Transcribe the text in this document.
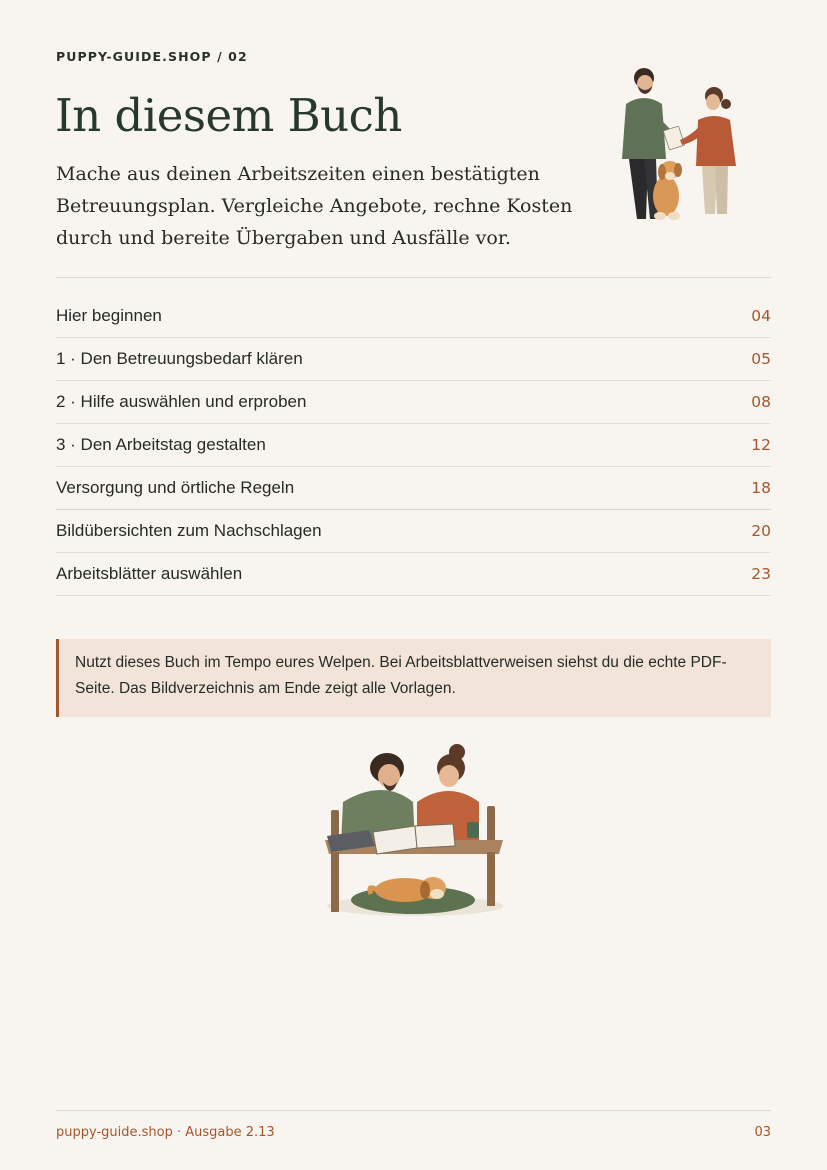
PUPPY-GUIDE.SHOP / 02
In diesem Buch

Mache aus deinen Arbeitszeiten einen bestätigten Betreuungsplan. Vergleiche Angebote, rechne Kosten durch und bereite Übergaben und Ausfälle vor.

Hier beginnen	04
1 · Den Betreuungsbedarf klären	05
2 · Hilfe auswählen und erproben	08
3 · Den Arbeitstag gestalten	12
Versorgung und örtliche Regeln	18
Bildübersichten zum Nachschlagen	20
Arbeitsblätter auswählen	23
Nutzt dieses Buch im Tempo eures Welpen. Bei Arbeitsblattverweisen siehst du die echte PDF-Seite. Das Bildverzeichnis am Ende zeigt alle Vorlagen.
puppy-guide.shop · Ausgabe 2.13	03
